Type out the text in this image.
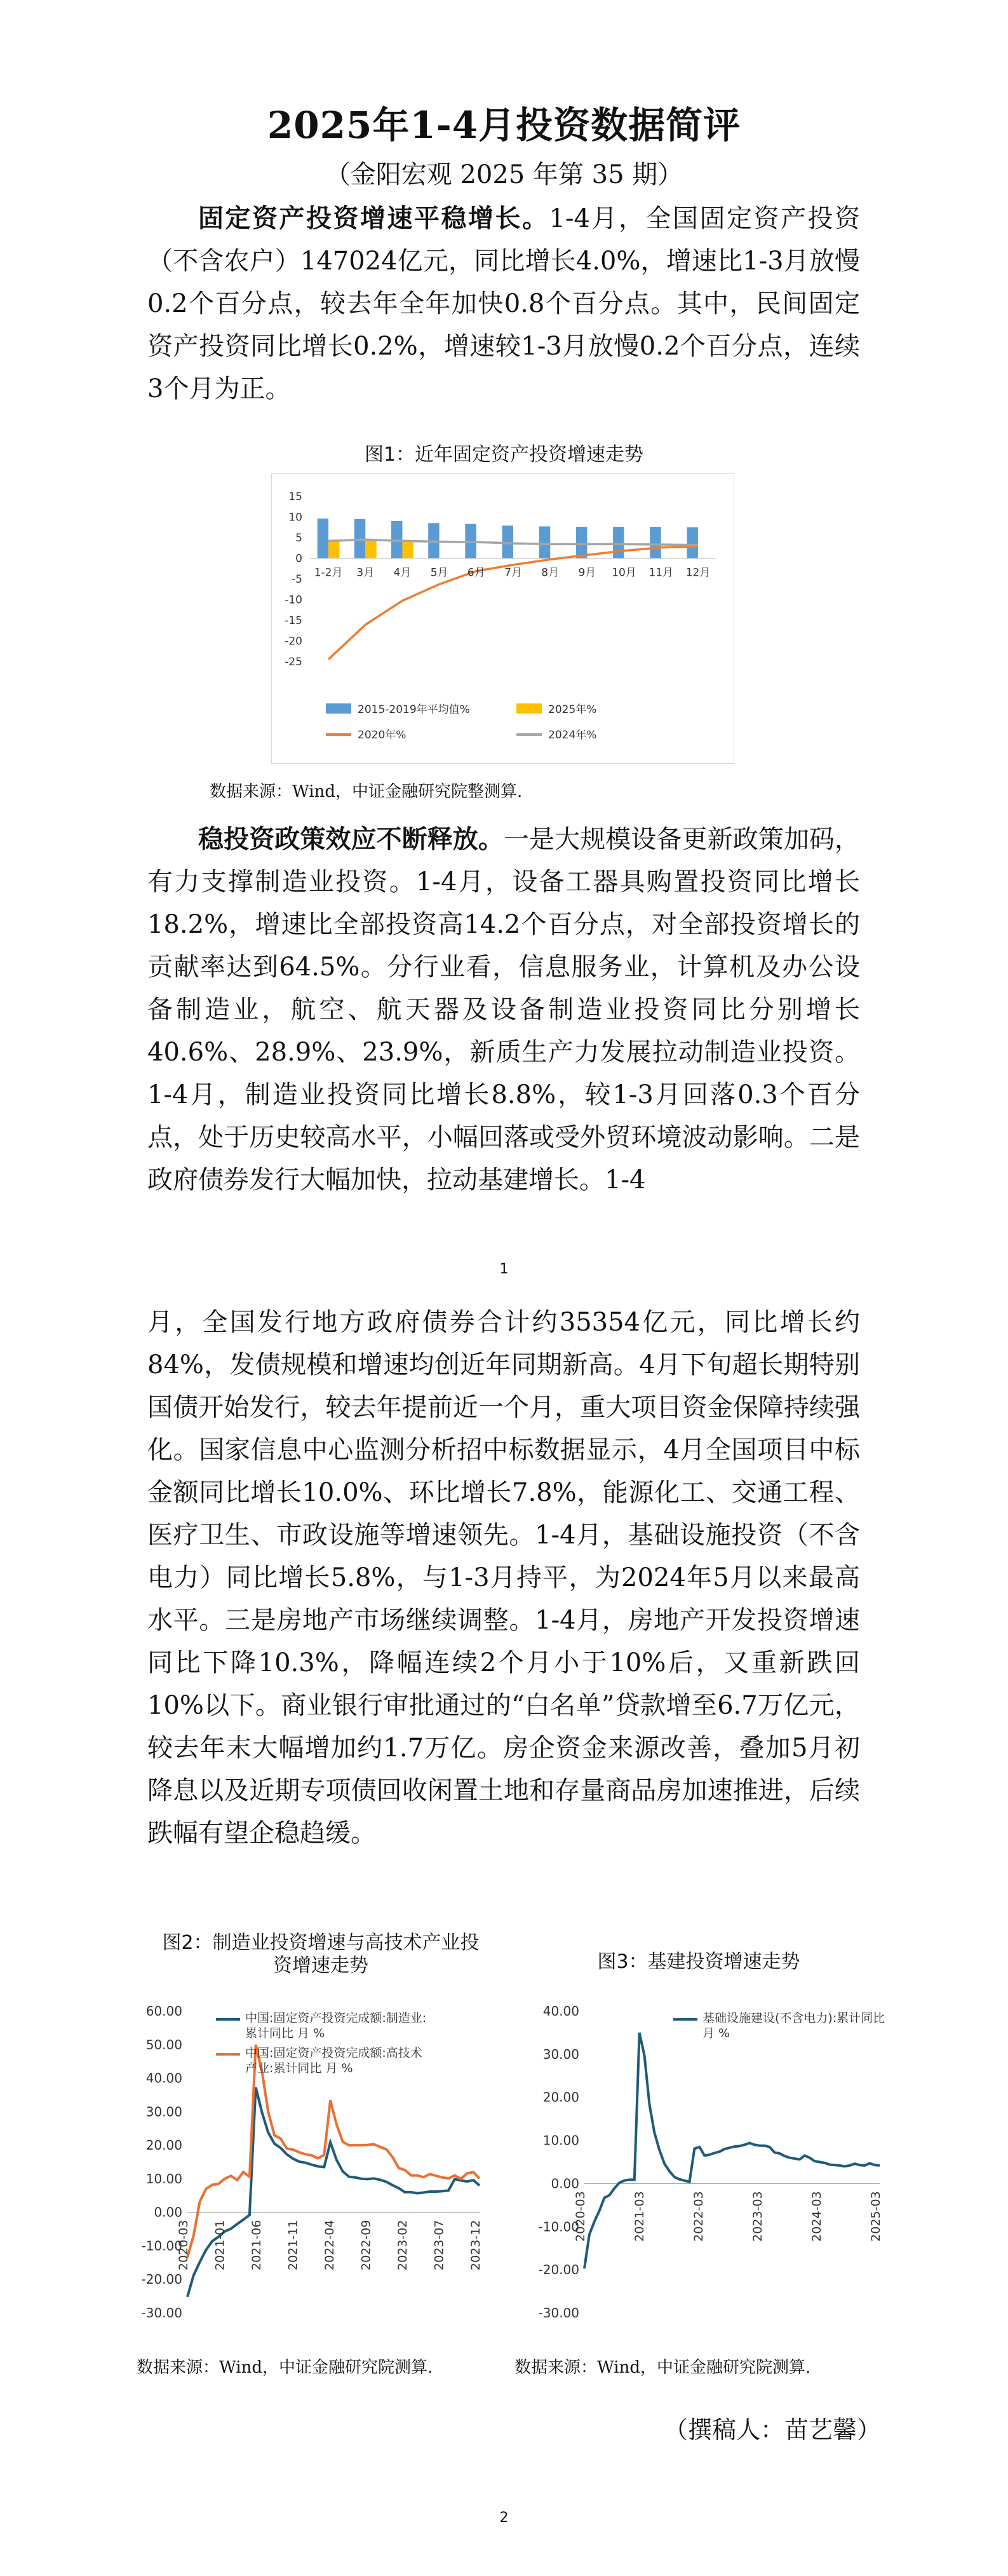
2025年1-4月投资数据简评
（金阳宏观 2025 年第 35 期）

固定资产投资增速平稳增长。1-4月，全国固定资产投资（不含农户）147024亿元，同比增长4.0%，增速比1-3月放慢0.2个百分点，较去年全年加快0.8个百分点。其中，民间固定资产投资同比增长0.2%，增速较1-3月放慢0.2个百分点，连续3个月为正。

图1：近年固定资产投资增速走势
15
10
5
0
-5
-10
-15
-20
-25
1-2月 3月 4月 5月 6月 7月 8月 9月 10月 11月 12月
2015-2019年平均值%	2025年%
2020年%	2024年%
数据来源：Wind，中证金融研究院整测算.

稳投资政策效应不断释放。一是大规模设备更新政策加码，有力支撑制造业投资。1-4月，设备工器具购置投资同比增长18.2%，增速比全部投资高14.2个百分点，对全部投资增长的贡献率达到64.5%。分行业看，信息服务业，计算机及办公设备制造业，航空、航天器及设备制造业投资同比分别增长40.6%、28.9%、23.9%，新质生产力发展拉动制造业投资。1-4月，制造业投资同比增长8.8%，较1-3月回落0.3个百分点，处于历史较高水平，小幅回落或受外贸环境波动影响。二是政府债券发行大幅加快，拉动基建增长。1-4

1

月，全国发行地方政府债券合计约35354亿元，同比增长约84%，发债规模和增速均创近年同期新高。4月下旬超长期特别国债开始发行，较去年提前近一个月，重大项目资金保障持续强化。国家信息中心监测分析招中标数据显示，4月全国项目中标金额同比增长10.0%、环比增长7.8%，能源化工、交通工程、医疗卫生、市政设施等增速领先。1-4月，基础设施投资（不含电力）同比增长5.8%，与1-3月持平，为2024年5月以来最高水平。三是房地产市场继续调整。1-4月，房地产开发投资增速同比下降10.3%，降幅连续2个月小于10%后，又重新跌回10%以下。商业银行审批通过的“白名单”贷款增至6.7万亿元，较去年末大幅增加约1.7万亿。房企资金来源改善，叠加5月初降息以及近期专项债回收闲置土地和存量商品房加速推进，后续跌幅有望企稳趋缓。

图2：制造业投资增速与高技术产业投
资增速走势	图3：基建投资增速走势
60.00
50.00
40.00
30.00
20.00
10.00
0.00
-10.00
-20.00
-30.00
2020-03 2021-01 2021-06 2021-11 2022-04 2022-09 2023-02 2023-07 2023-12
中国:固定资产投资完成额:制造业:累计同比 月 %
中国:固定资产投资完成额:高技术产业:累计同比 月 %
40.00
30.00
20.00
10.00
0.00
-10.00
-20.00
-30.00
2020-03	2021-03	2022-03	2023-03	2024-03	2025-03
基础设施建设(不含电力):累计同比 月 %
数据来源：Wind，中证金融研究院测算.	数据来源：Wind，中证金融研究院测算.
（撰稿人：苗艺馨）
2
